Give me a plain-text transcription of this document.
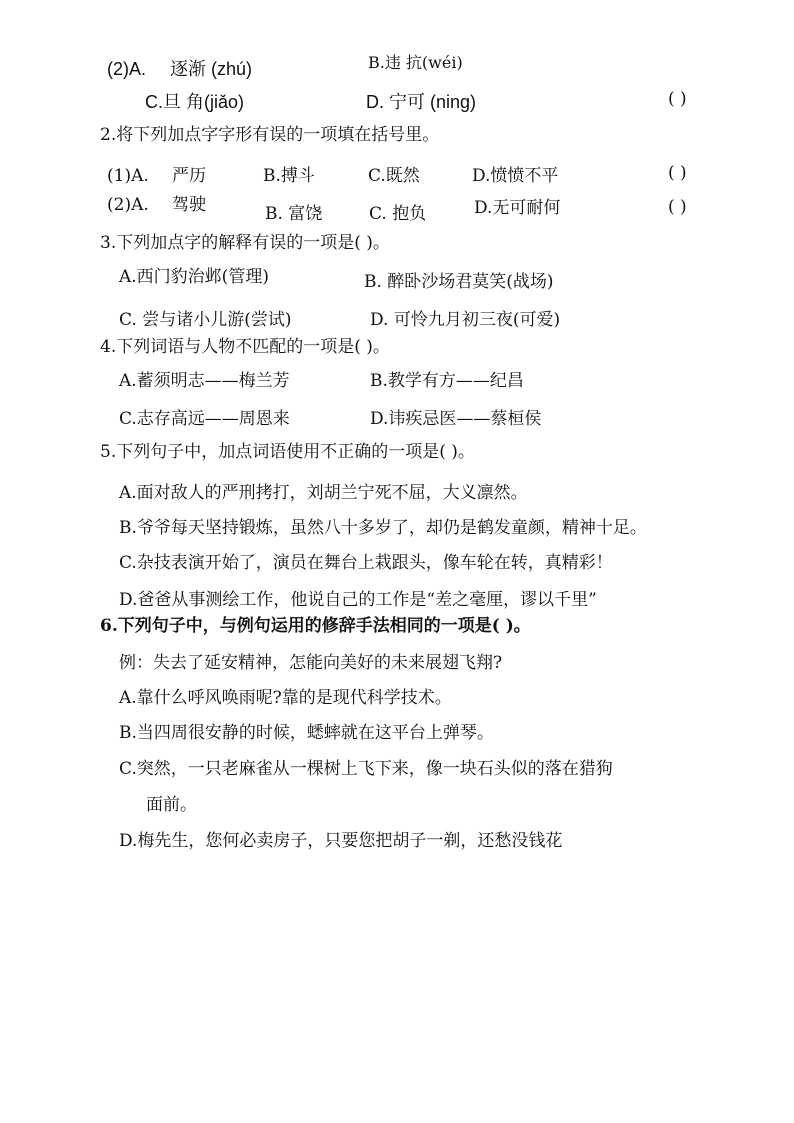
(2)A. 逐渐 (zhú)	B.违 抗(wéi)
C.旦 角(jiǎo)	D. 宁可 (ning)	( )
2.将下列加点字字形有误的一项填在括号里。
(1)A. 严历	B.搏斗	C.既然	D.愤愤不平	( )
(2)A. 驾驶	B. 富饶	C. 抱负	D.无可耐何	( )
3.下列加点字的解释有误的一项是( )。
A.西门豹治邺(管理)	B. 醉卧沙场君莫笑(战场)
C. 尝与诸小儿游(尝试)	D. 可怜九月初三夜(可爱)
4.下列词语与人物不匹配的一项是( )。
A.蓄须明志——梅兰芳	B.教学有方——纪昌
C.志存高远——周恩来	D.讳疾忌医——蔡桓侯
5.下列句子中，加点词语使用不正确的一项是( )。
A.面对敌人的严刑拷打，刘胡兰宁死不屈，大义凛然。
B.爷爷每天坚持锻炼，虽然八十多岁了，却仍是鹤发童颜，精神十足。
C.杂技表演开始了，演员在舞台上栽跟头，像车轮在转，真精彩！
D.爸爸从事测绘工作，他说自己的工作是“差之毫厘，谬以千里”
6.下列句子中，与例句运用的修辞手法相同的一项是( )。
例：失去了延安精神，怎能向美好的未来展翅飞翔?
A.靠什么呼风唤雨呢?靠的是现代科学技术。
B.当四周很安静的时候，蟋蟀就在这平台上弹琴。
C.突然，一只老麻雀从一棵树上飞下来，像一块石头似的落在猎狗
面前。
D.梅先生，您何必卖房子，只要您把胡子一剃，还愁没钱花
